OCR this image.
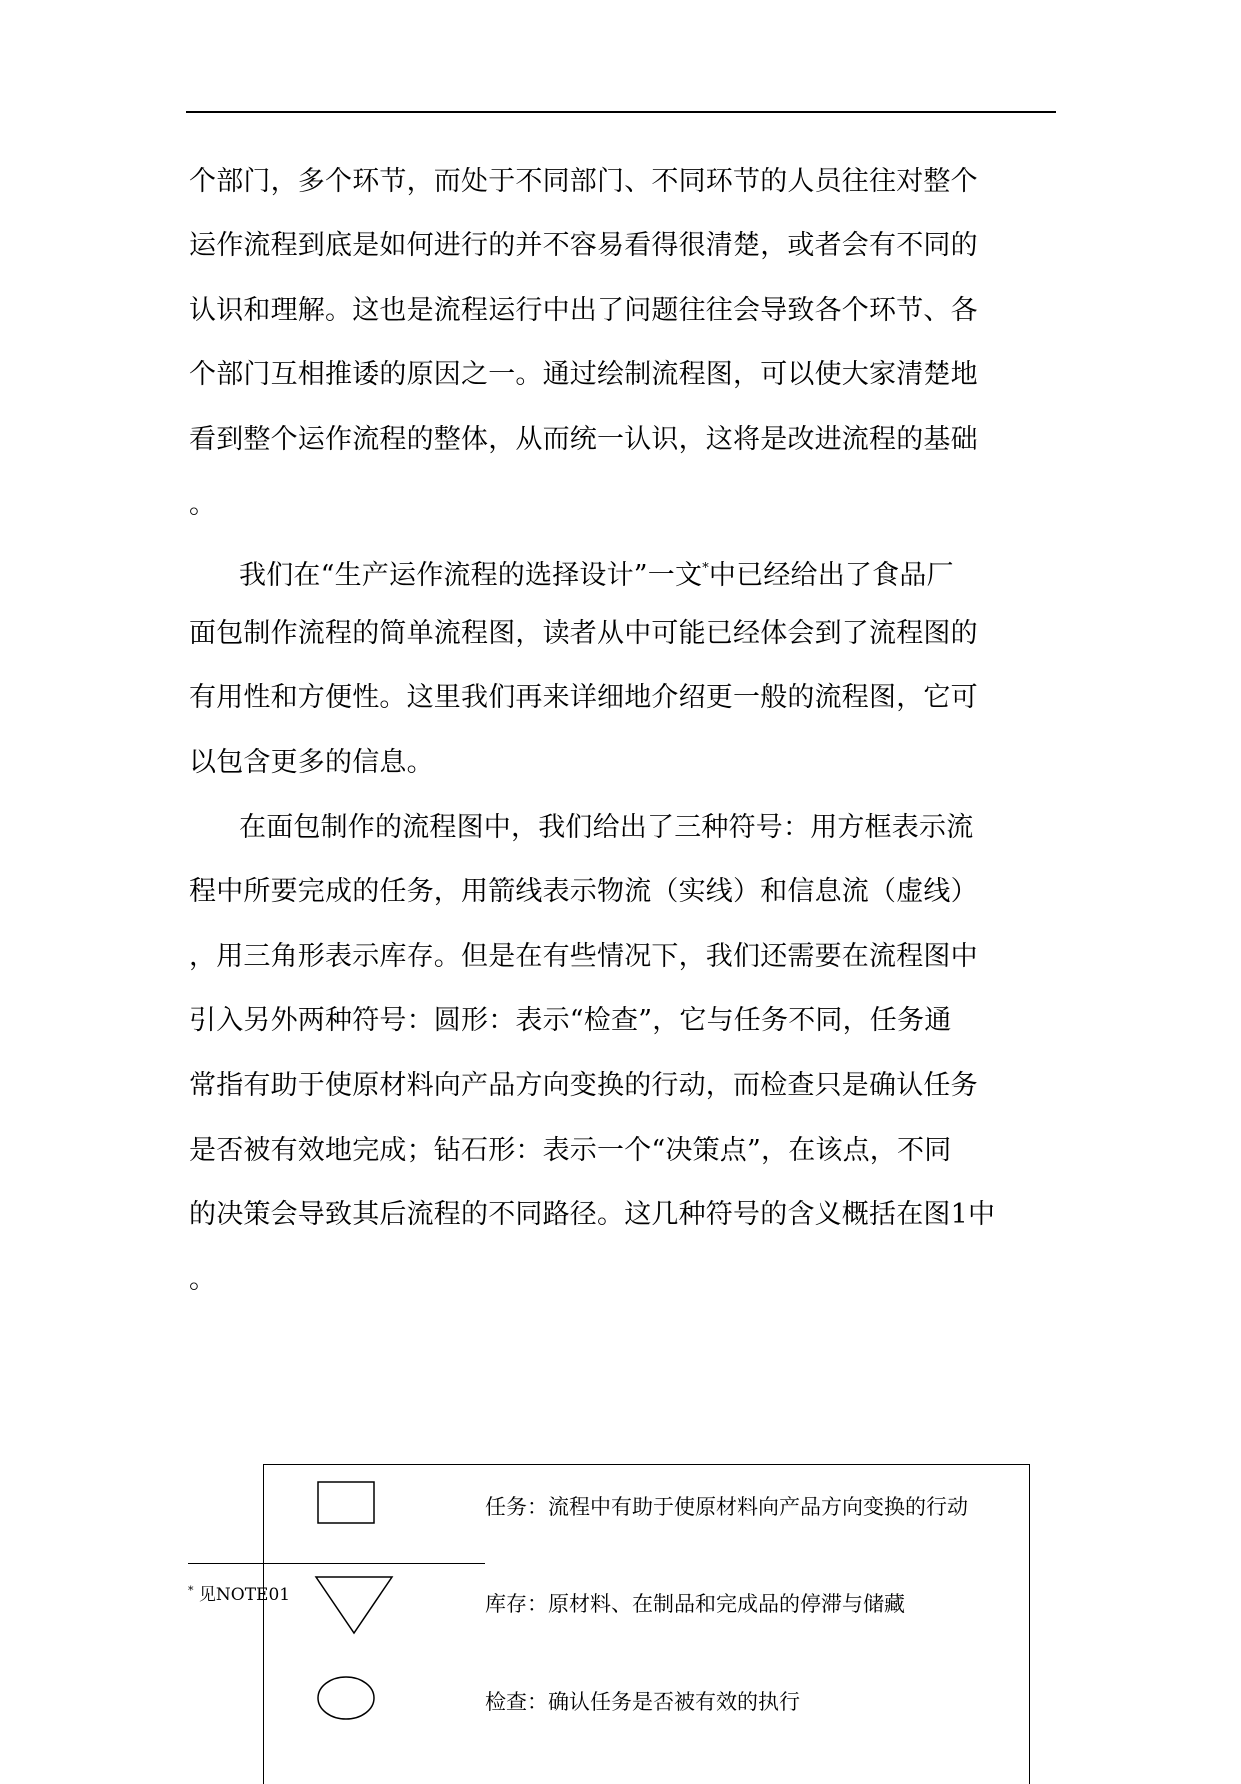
个部门，多个环节，而处于不同部门、不同环节的人员往往对整个
运作流程到底是如何进行的并不容易看得很清楚，或者会有不同的
认识和理解。这也是流程运行中出了问题往往会导致各个环节、各
个部门互相推诿的原因之一。通过绘制流程图，可以使大家清楚地
看到整个运作流程的整体，从而统一认识，这将是改进流程的基础
。
我们在“生产运作流程的选择设计”一文*中已经给出了食品厂
面包制作流程的简单流程图，读者从中可能已经体会到了流程图的
有用性和方便性。这里我们再来详细地介绍更一般的流程图，它可
以包含更多的信息。
在面包制作的流程图中，我们给出了三种符号：用方框表示流
程中所要完成的任务，用箭线表示物流（实线）和信息流（虚线）
，用三角形表示库存。但是在有些情况下，我们还需要在流程图中
引入另外两种符号：圆形：表示“检查”，它与任务不同，任务通
常指有助于使原材料向产品方向变换的行动，而检查只是确认任务
是否被有效地完成；钻石形：表示一个“决策点”，在该点，不同
的决策会导致其后流程的不同路径。这几种符号的含义概括在图1中
。
任务：流程中有助于使原材料向产品方向变换的行动
库存：原材料、在制品和完成品的停滞与储藏
检查：确认任务是否被有效的执行
* 见NOTE01
